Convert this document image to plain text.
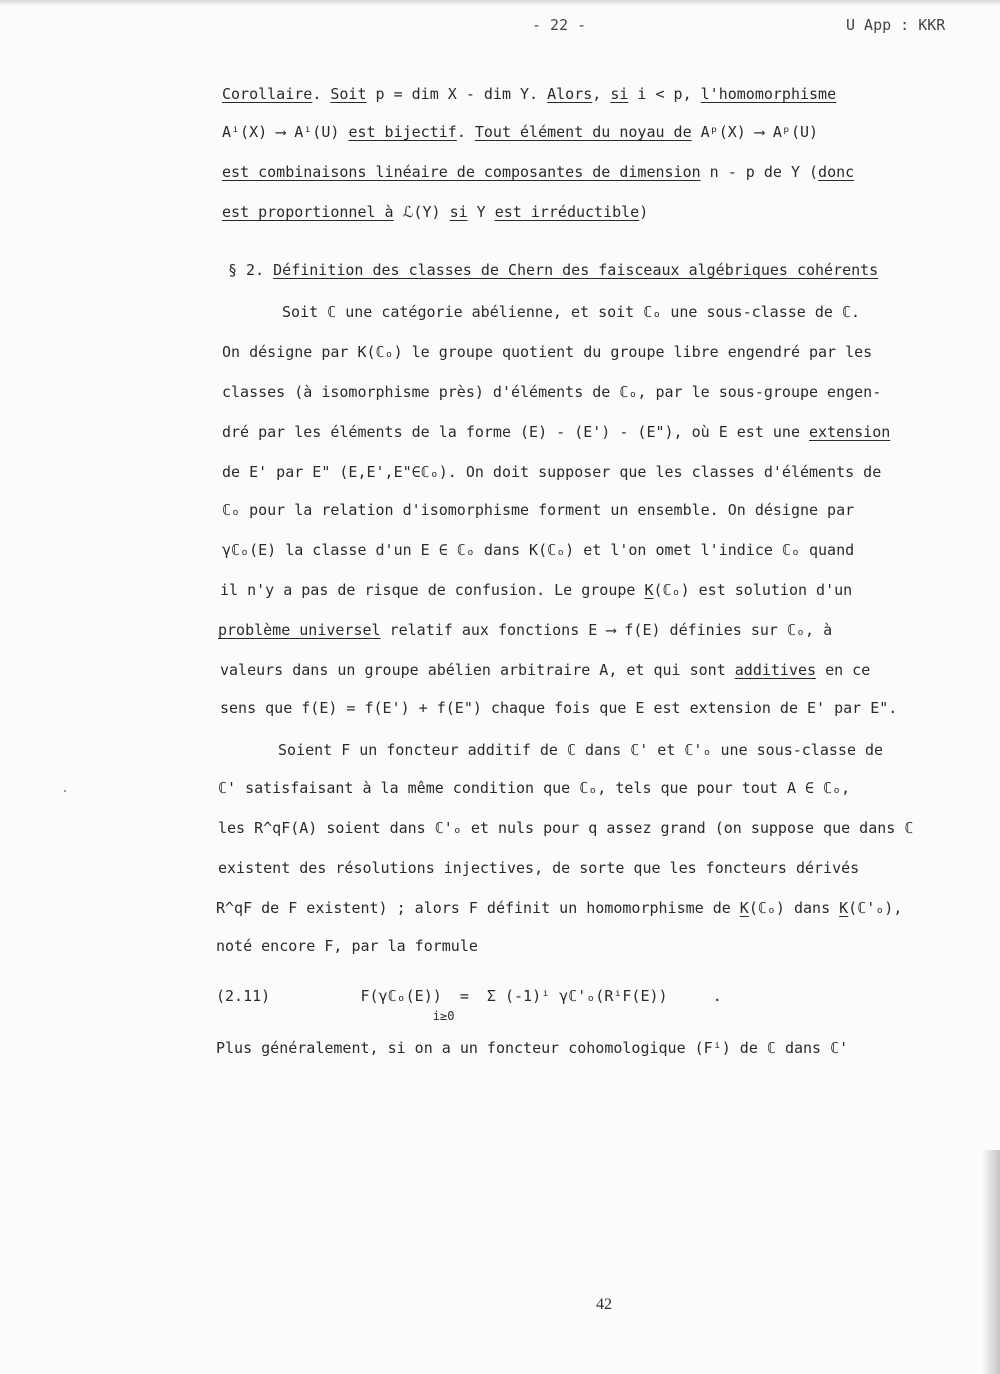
- 22 -	U App : KKR
Corollaire. Soit p = dim X - dim Y. Alors, si i < p, l'homomorphisme
Aⁱ(X) ⟶ Aⁱ(U) est bijectif. Tout élément du noyau de Aᵖ(X) ⟶ Aᵖ(U)
est combinaisons linéaire de composantes de dimension n - p de Y (donc
est proportionnel à ℒ(Y) si Y est irréductible)
§ 2. Définition des classes de Chern des faisceaux algébriques cohérents
Soit ℂ une catégorie abélienne, et soit ℂₒ une sous-classe de ℂ.
On désigne par K(ℂₒ) le groupe quotient du groupe libre engendré par les
classes (à isomorphisme près) d'éléments de ℂₒ, par le sous-groupe engen-
dré par les éléments de la forme (E) - (E') - (E"), où E est une extension
de E' par E" (E,E',E"∈ℂₒ). On doit supposer que les classes d'éléments de
ℂₒ pour la relation d'isomorphisme forment un ensemble. On désigne par
γℂₒ(E) la classe d'un E ∈ ℂₒ dans K(ℂₒ) et l'on omet l'indice ℂₒ quand
il n'y a pas de risque de confusion. Le groupe K(ℂₒ) est solution d'un
problème universel relatif aux fonctions E ⟶ f(E) définies sur ℂₒ, à
valeurs dans un groupe abélien arbitraire A, et qui sont additives en ce
sens que f(E) = f(E') + f(E") chaque fois que E est extension de E' par E".
Soient F un foncteur additif de ℂ dans ℂ' et ℂ'ₒ une sous-classe de
ℂ' satisfaisant à la même condition que ℂₒ, tels que pour tout A ∈ ℂₒ,
les R^qF(A) soient dans ℂ'ₒ et nuls pour q assez grand (on suppose que dans ℂ
existent des résolutions injectives, de sorte que les foncteurs dérivés
R^qF de F existent) ; alors F définit un homomorphisme de K(ℂₒ) dans K(ℂ'ₒ),
noté encore F, par la formule
(2.11)          F(γℂₒ(E))  =  Σ (-1)ⁱ γℂ'ₒ(RⁱF(E))     .
i≥0
Plus généralement, si on a un foncteur cohomologique (Fⁱ) de ℂ dans ℂ'
42
